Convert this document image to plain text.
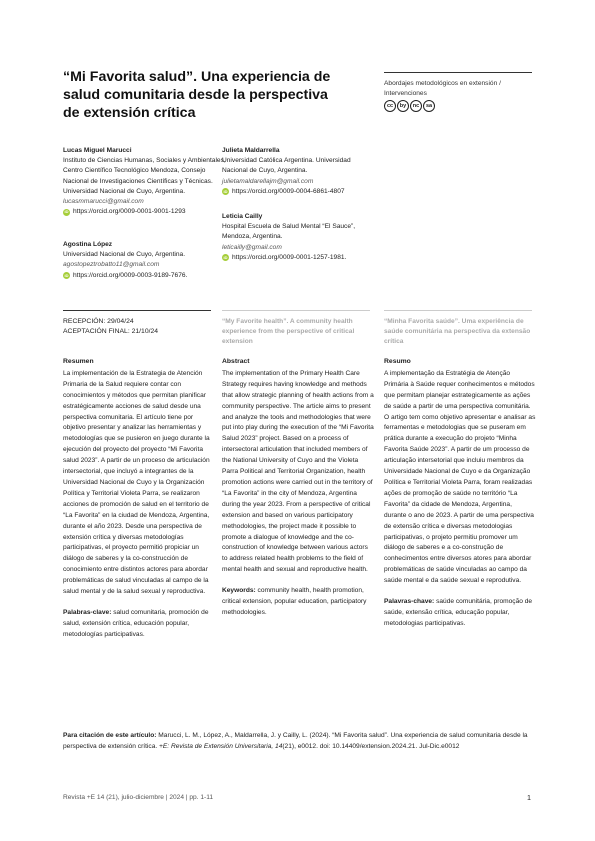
“Mi Favorita salud”. Una experiencia de salud comunitaria desde la perspectiva de extensión crítica
Abordajes metodológicos en extensión / Intervenciones
cc	by	nc	sa
Lucas Miguel Marucci
Instituto de Ciencias Humanas, Sociales y Ambientales, Centro Científico Tecnológico Mendoza, Consejo Nacional de Investigaciones Científicas y Técnicas. Universidad Nacional de Cuyo, Argentina.
lucasmmarucci@gmail.com
iD https://orcid.org/0009-0001-9001-1293
Agostina López
Universidad Nacional de Cuyo, Argentina.
agostopeztrobatto11@gmail.com
iD https://orcid.org/0009-0003-9189-7676.
Julieta Maldarrella
Universidad Católica Argentina. Universidad Nacional de Cuyo, Argentina.
julietamaldarellajm@gmail.com
iD https://orcid.org/0009-0004-6861-4807
Leticia Cailly
Hospital Escuela de Salud Mental “El Sauce”, Mendoza, Argentina.
leticailly@gmail.com
iD https://orcid.org/0009-0001-1257-1981.
RECEPCIÓN: 29/04/24
ACEPTACIÓN FINAL: 21/10/24
“My Favorite health”. A community health experience from the perspective of critical extension
“Minha Favorita saúde”. Uma experiência de saúde comunitária na perspectiva da extensão crítica
Resumen

La implementación de la Estrategia de Atención Primaria de la Salud requiere contar con conocimientos y métodos que permitan planificar estratégicamente acciones de salud desde una perspectiva comunitaria. El artículo tiene por objetivo presentar y analizar las herramientas y metodologías que se pusieron en juego durante la ejecución del proyecto del proyecto “Mi Favorita salud 2023”. A partir de un proceso de articulación intersectorial, que incluyó a integrantes de la Universidad Nacional de Cuyo y la Organización Política y Territorial Violeta Parra, se realizaron acciones de promoción de salud en el territorio de “La Favorita” en la ciudad de Mendoza, Argentina, durante el año 2023. Desde una perspectiva de extensión crítica y diversas metodologías participativas, el proyecto permitió propiciar un diálogo de saberes y la co-construcción de conocimiento entre distintos actores para abordar problemáticas de salud vinculadas al campo de la salud mental y de la salud sexual y reproductiva.

Palabras-clave: salud comunitaria, promoción de salud, extensión crítica, educación popular, metodologías participativas.

Abstract

The implementation of the Primary Health Care Strategy requires having knowledge and methods that allow strategic planning of health actions from a community perspective. The article aims to present and analyze the tools and methodologies that were put into play during the execution of the “Mi Favorita Salud 2023” project. Based on a process of intersectoral articulation that included members of the National University of Cuyo and the Violeta Parra Political and Territorial Organization, health promotion actions were carried out in the territory of “La Favorita” in the city of Mendoza, Argentina during the year 2023. From a perspective of critical extension and based on various participatory methodologies, the project made it possible to promote a dialogue of knowledge and the co-construction of knowledge between various actors to address related health problems to the field of mental health and sexual and reproductive health.

Keywords: community health, health promotion, critical extension, popular education, participatory methodologies.

Resumo

A implementação da Estratégia de Atenção Primária à Saúde requer conhecimentos e métodos que permitam planejar estrategicamente as ações de saúde a partir de uma perspectiva comunitária. O artigo tem como objetivo apresentar e analisar as ferramentas e metodologias que se puseram em prática durante a execução do projeto “Minha Favorita Saúde 2023”. A partir de um processo de articulação intersetorial que incluiu membros da Universidade Nacional de Cuyo e da Organização Política e Territorial Violeta Parra, foram realizadas ações de promoção de saúde no território “La Favorita” da cidade de Mendoza, Argentina, durante o ano de 2023. A partir de uma perspectiva de extensão crítica e diversas metodologias participativas, o projeto permitiu promover um diálogo de saberes e a co-construção de conhecimentos entre diversos atores para abordar problemáticas de saúde vinculadas ao campo da saúde mental e da saúde sexual e reprodutiva.

Palavras-chave: saúde comunitária, promoção de saúde, extensão crítica, educação popular, metodologias participativas.

Para citación de este artículo: Marucci, L. M., López, A., Maldarrella, J. y Cailly, L. (2024). “Mi Favorita salud”. Una experiencia de salud comunitaria desde la perspectiva de extensión crítica. +E: Revista de Extensión Universitaria, 14(21), e0012. doi: 10.14409/extension.2024.21. Jul-Dic.e0012
Revista +E 14 (21), julio-diciembre | 2024 | pp. 1-11	1
